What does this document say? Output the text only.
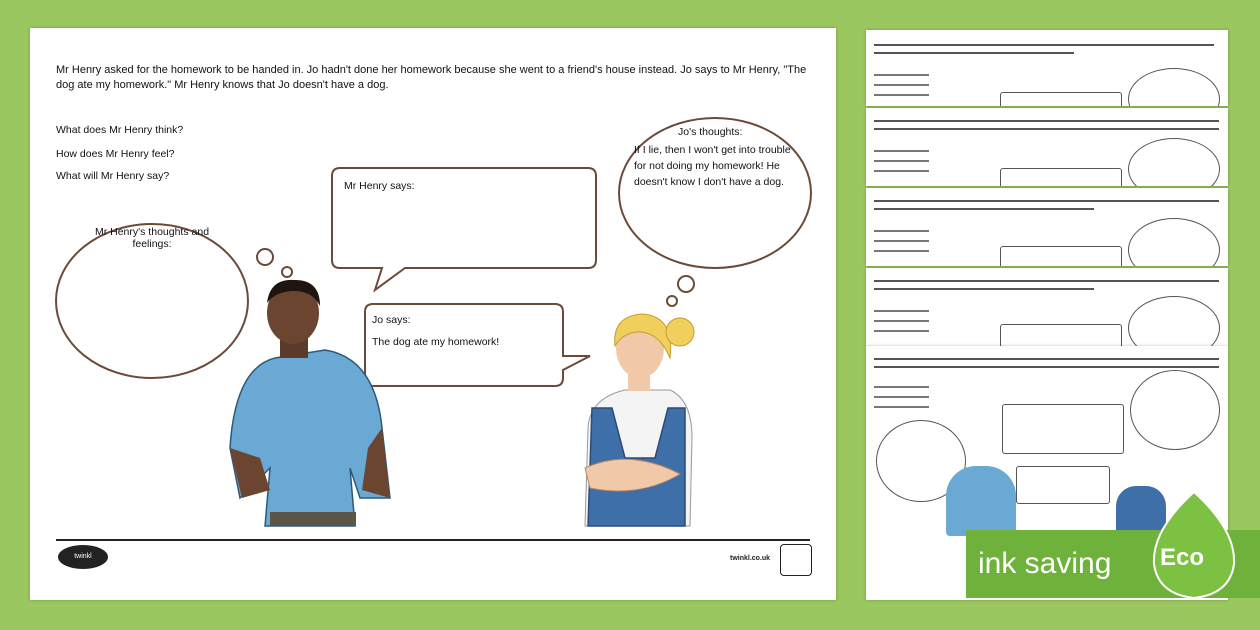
Mr Henry asked for the homework to be handed in. Jo hadn't done her homework because she went to a friend's house instead. Jo says to Mr Henry, "The dog ate my homework." Mr Henry knows that Jo doesn't have a dog.
What does Mr Henry think?
How does Mr Henry feel?
What will Mr Henry say?
Mr Henry's thoughts and feelings:
Mr Henry says:
Jo says:
The dog ate my homework!
Jo's thoughts:
If I lie, then I won't get into trouble for not doing my homework! He doesn't know I don't have a dog.
twinkl	twinkl.co.uk	ink saving Eco
